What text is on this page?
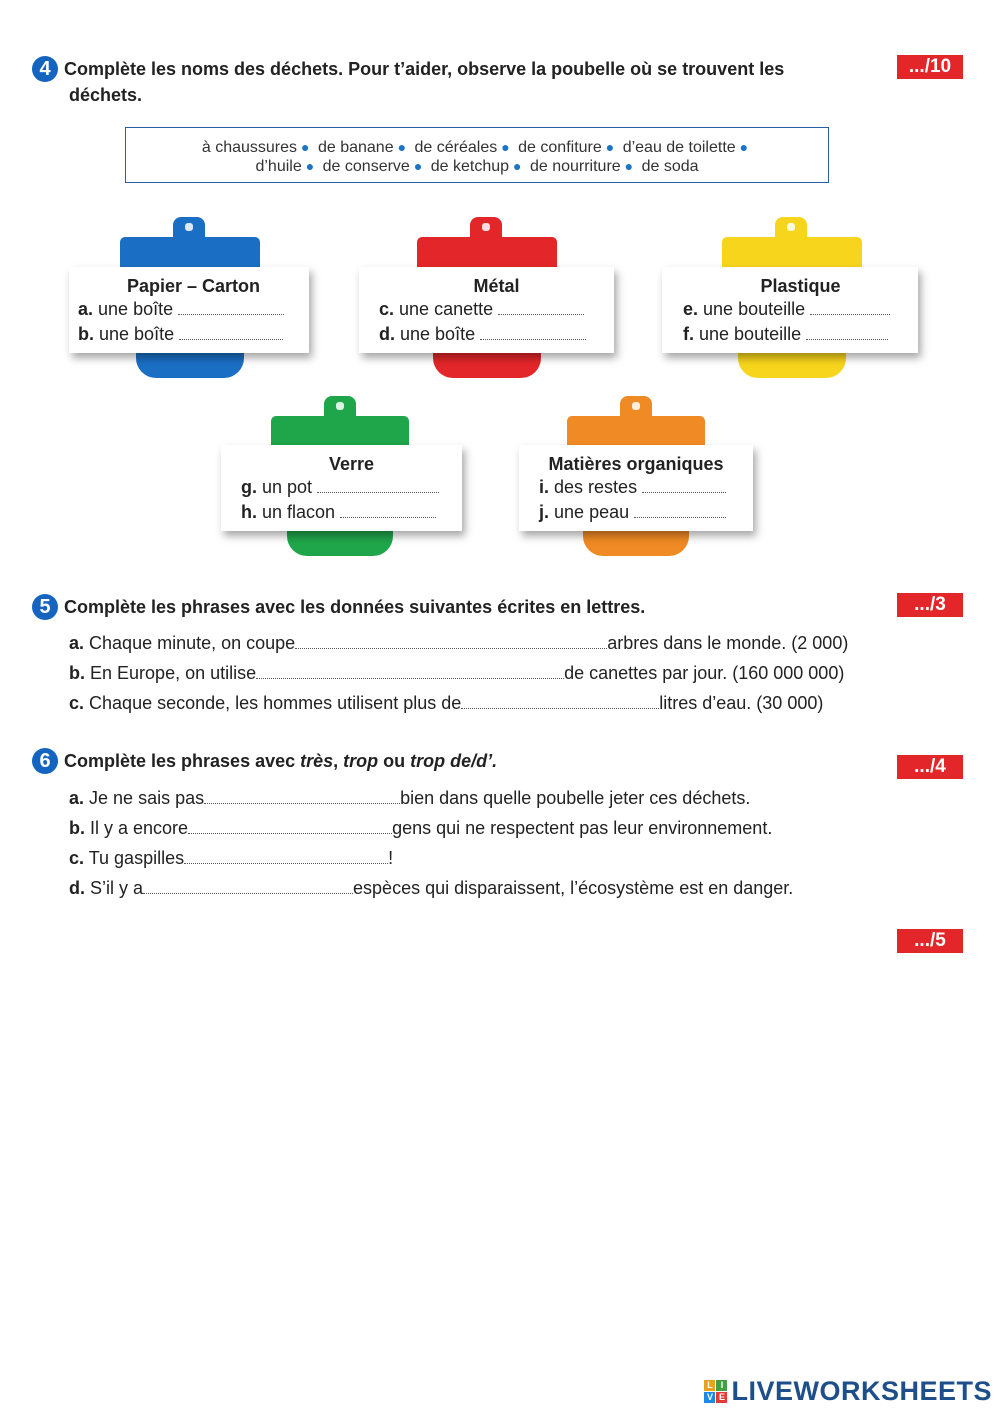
4 Complète les noms des déchets. Pour t’aider, observe la poubelle où se trouvent les
déchets.
.../10
à chaussures ● de banane ● de céréales ● de confiture ● d’eau de toilette ●
d’huile ● de conserve ● de ketchup ● de nourriture ● de soda
Papier – Carton
a. une boîte
b. une boîte
Métal
c. une canette
d. une boîte
Plastique
e. une bouteille
f. une bouteille
Verre
g. un pot
h. un flacon
Matières organiques
i. des restes
j. une peau
5 Complète les phrases avec les données suivantes écrites en lettres.	.../3
a. Chaque minute, on coupe	arbres dans le monde. (2 000)
b. En Europe, on utilise	de canettes par jour. (160 000 000)
c. Chaque seconde, les hommes utilisent plus de	litres d’eau. (30 000)
6 Complète les phrases avec très, trop ou trop de/d’.	.../4
a. Je ne sais pas	bien dans quelle poubelle jeter ces déchets.
b. Il y a encore	gens qui ne respectent pas leur environnement.
c. Tu gaspilles	!
d. S’il y a	espèces qui disparaissent, l’écosystème est en danger.
.../5
L I
V E LIVEWORKSHEETS
